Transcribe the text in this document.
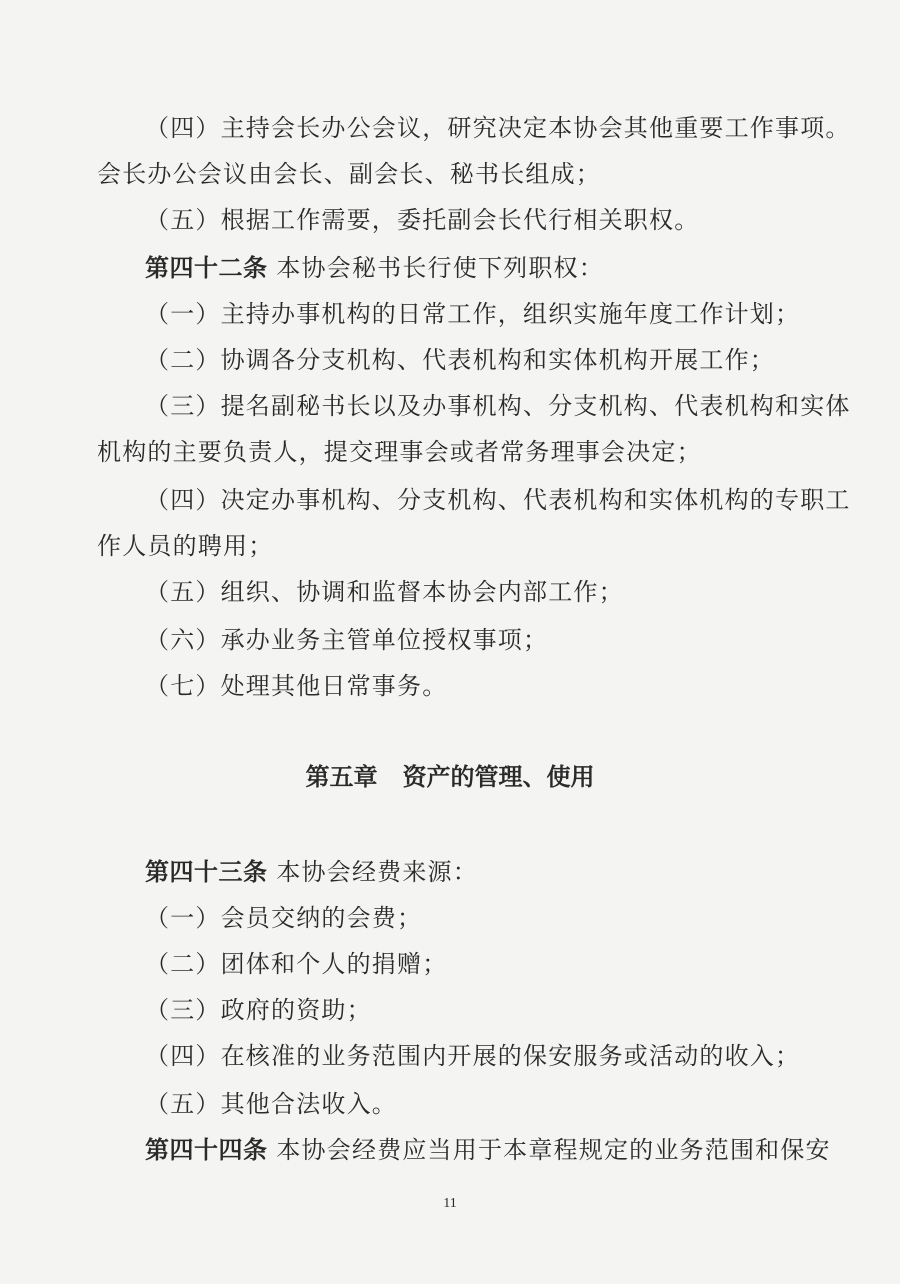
（四）主持会长办公会议，研究决定本协会其他重要工作事项。
会长办公会议由会长、副会长、秘书长组成；
（五）根据工作需要，委托副会长代行相关职权。
第四十二条 本协会秘书长行使下列职权：
（一）主持办事机构的日常工作，组织实施年度工作计划；
（二）协调各分支机构、代表机构和实体机构开展工作；
（三）提名副秘书长以及办事机构、分支机构、代表机构和实体
机构的主要负责人，提交理事会或者常务理事会决定；
（四）决定办事机构、分支机构、代表机构和实体机构的专职工
作人员的聘用；
（五）组织、协调和监督本协会内部工作；
（六）承办业务主管单位授权事项；
（七）处理其他日常事务。
第五章   资产的管理、使用
第四十三条 本协会经费来源：
（一）会员交纳的会费；
（二）团体和个人的捐赠；
（三）政府的资助；
（四）在核准的业务范围内开展的保安服务或活动的收入；
（五）其他合法收入。
第四十四条 本协会经费应当用于本章程规定的业务范围和保安
11
